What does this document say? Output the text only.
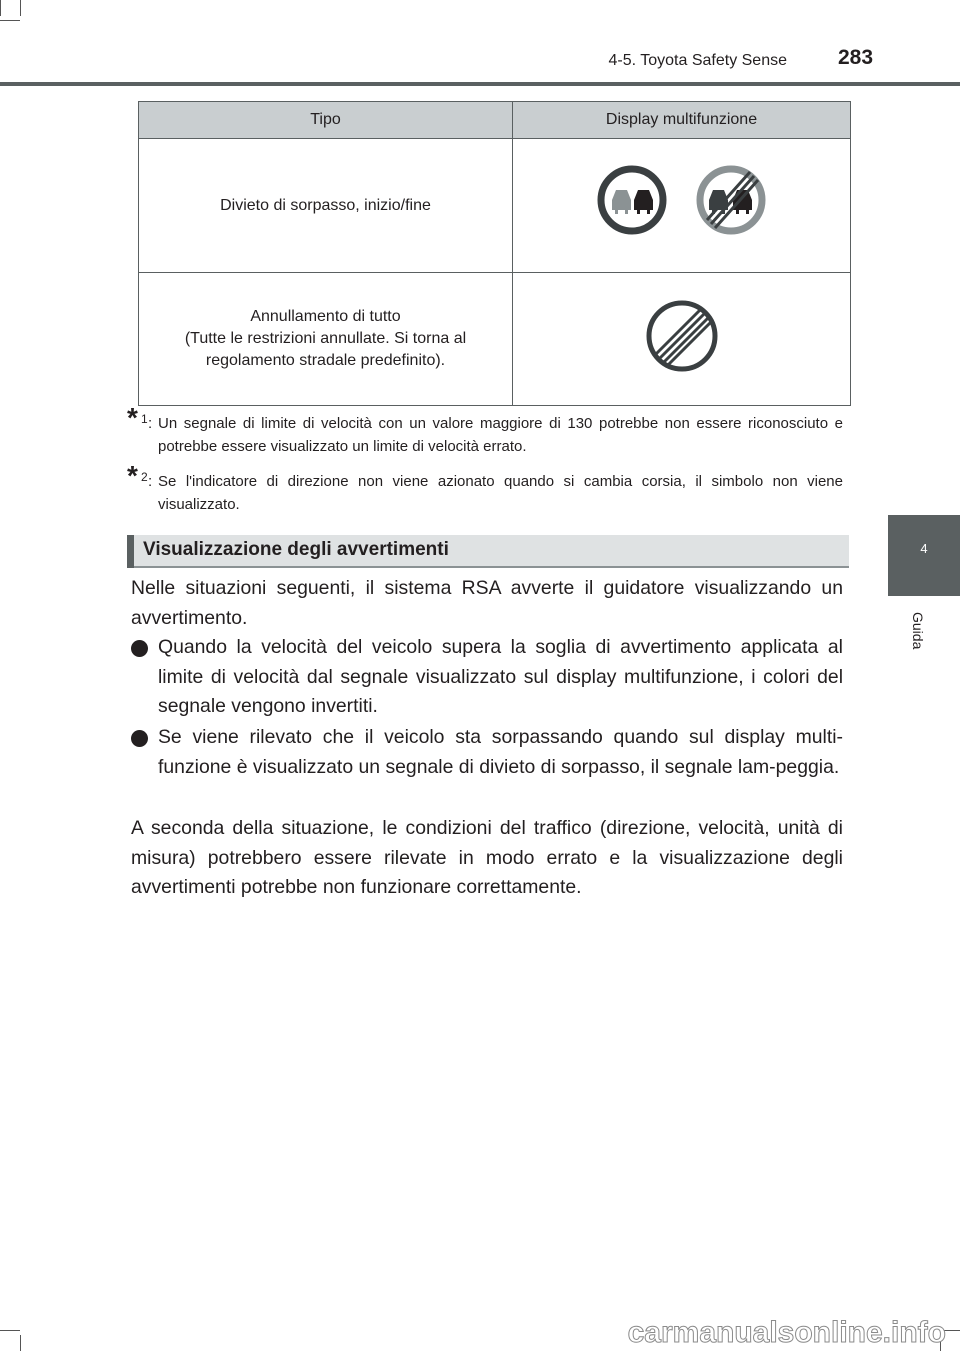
4-5. Toyota Safety Sense 283
4
Guida
Tipo	Display multifunzione
Divieto di sorpasso, inizio/fine	

Annullamento di tutto
(Tutte le restrizioni annullate. Si torna al
regolamento stradale predefinito).

* 1 : Un segnale di limite di velocità con un valore maggiore di 130 potrebbe non essere riconosciuto e potrebbe essere visualizzato un limite di velocità errato.
* 2 : Se l'indicatore di direzione non viene azionato quando si cambia corsia, il simbolo non viene visualizzato.
Visualizzazione degli avvertimenti
Nelle situazioni seguenti, il sistema RSA avverte il guidatore visualizzando un avvertimento.
Quando la velocità del veicolo supera la soglia di avvertimento applicata al limite di velocità dal segnale visualizzato sul display multifunzione, i colori del segnale vengono invertiti.
Se viene rilevato che il veicolo sta sorpassando quando sul display multi-funzione è visualizzato un segnale di divieto di sorpasso, il segnale lam-peggia.
A seconda della situazione, le condizioni del traffico (direzione, velocità, unità di misura) potrebbero essere rilevate in modo errato e la visualizzazione degli avvertimenti potrebbe non funzionare correttamente.
carmanualsonline.info
